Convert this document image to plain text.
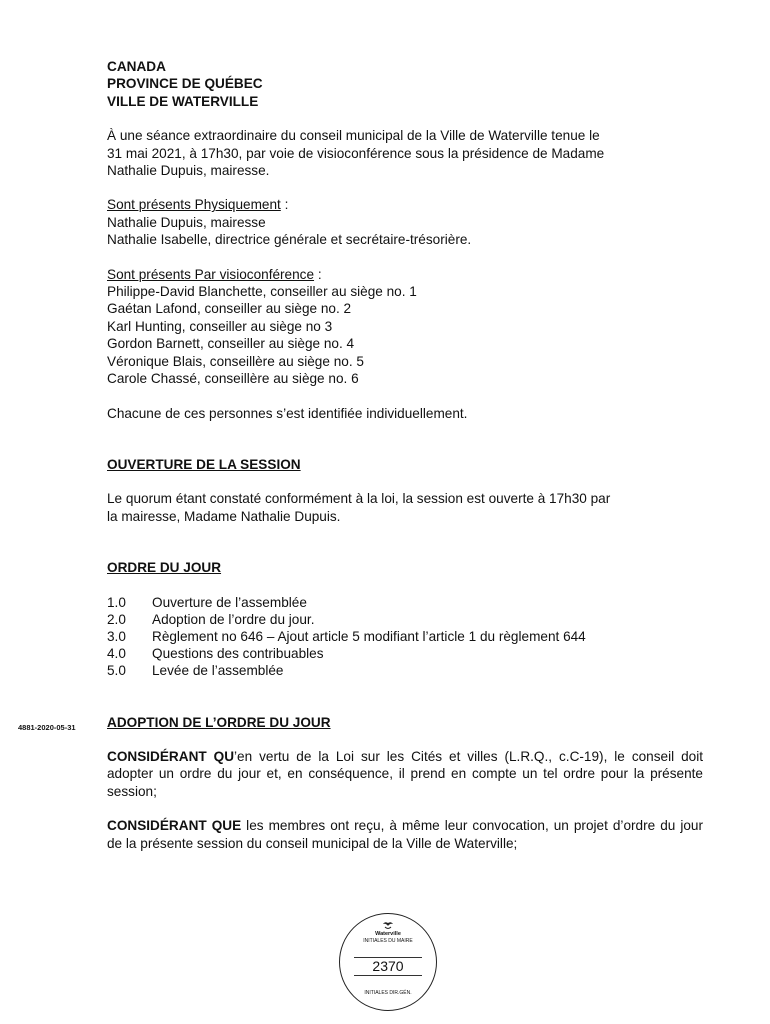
CANADA
PROVINCE DE QUÉBEC
VILLE DE WATERVILLE
À une séance extraordinaire du conseil municipal de la Ville de Waterville tenue le
31 mai 2021, à 17h30, par voie de visioconférence sous la présidence de Madame
Nathalie Dupuis, mairesse.
Sont présents Physiquement :
Nathalie Dupuis, mairesse
Nathalie Isabelle, directrice générale et secrétaire-trésorière.
Sont présents Par visioconférence :
Philippe-David Blanchette, conseiller au siège no. 1
Gaétan Lafond, conseiller au siège no. 2
Karl Hunting, conseiller au siège no 3
Gordon Barnett, conseiller au siège no. 4
Véronique Blais, conseillère au siège no. 5
Carole Chassé, conseillère au siège no. 6
Chacune de ces personnes s’est identifiée individuellement.
OUVERTURE DE LA SESSION
Le quorum étant constaté conformément à la loi, la session est ouverte à 17h30 par
la mairesse, Madame Nathalie Dupuis.
ORDRE DU JOUR
1.0	Ouverture de l’assemblée
2.0	Adoption de l’ordre du jour.
3.0	Règlement no 646 – Ajout article 5 modifiant l’article 1 du règlement 644
4.0	Questions des contribuables
5.0	Levée de l’assemblée
ADOPTION DE L’ORDRE DU JOUR
CONSIDÉRANT QU’en vertu de la Loi sur les Cités et villes (L.R.Q., c.C-19), le conseil doit adopter un ordre du jour et, en conséquence, il prend en compte un tel ordre pour la présente session;
CONSIDÉRANT QUE les membres ont reçu, à même leur convocation, un projet d’ordre du jour de la présente session du conseil municipal de la Ville de Waterville;
4881-2020-05-31
Waterville
INITIALES DU MAIRE
2370
INITIALES DIR.GÉN.
